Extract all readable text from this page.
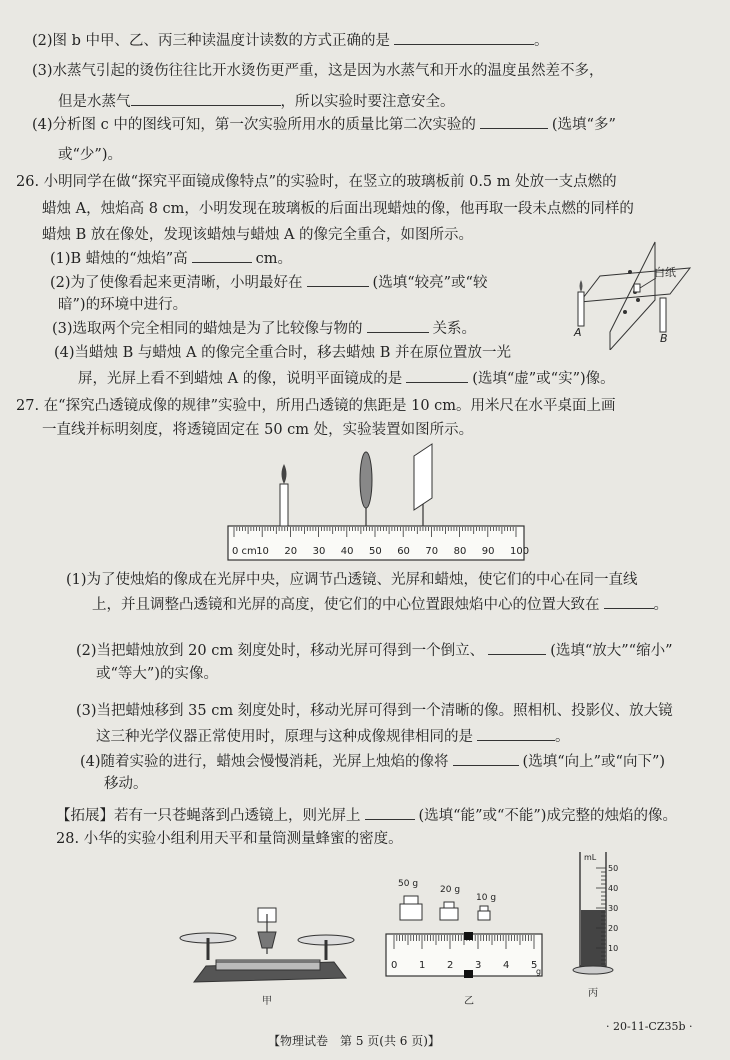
(2)图 b 中甲、乙、丙三种读温度计读数的方式正确的是	。
(3)水蒸气引起的烫伤往往比开水烫伤更严重，这是因为水蒸气和开水的温度虽然差不多，
但是水蒸气	，所以实验时要注意安全。
(4)分析图 c 中的图线可知，第一次实验所用水的质量比第二次实验的	(选填“多”
或“少”)。
26. 小明同学在做“探究平面镜成像特点”的实验时，在竖立的玻璃板前 0.5 m 处放一支点燃的
蜡烛 A，烛焰高 8 cm，小明发现在玻璃板的后面出现蜡烛的像，他再取一段未点燃的同样的
蜡烛 B 放在像处，发现该蜡烛与蜡烛 A 的像完全重合，如图所示。
(1)B 蜡烛的“烛焰”高	cm。
(2)为了使像看起来更清晰，小明最好在	(选填“较亮”或“较
暗”)的环境中进行。
(3)选取两个完全相同的蜡烛是为了比较像与物的	关系。
(4)当蜡烛 B 与蜡烛 A 的像完全重合时，移去蜡烛 B 并在原位置放一光
屏，光屏上看不到蜡烛 A 的像，说明平面镜成的是	(选填“虚”或“实”)像。
白纸
A	B
27. 在“探究凸透镜成像的规律”实验中，所用凸透镜的焦距是 10 cm。用米尺在水平桌面上画
一直线并标明刻度，将透镜固定在 50 cm 处，实验装置如图所示。
0 cm 10 20 30 40 50 60 70 80 90 100
(1)为了使烛焰的像成在光屏中央，应调节凸透镜、光屏和蜡烛，使它们的中心在同一直线
上，并且调整凸透镜和光屏的高度，使它们的中心位置跟烛焰中心的位置大致在	。
(2)当把蜡烛放到 20 cm 刻度处时，移动光屏可得到一个倒立、	(选填“放大”“缩小”
或“等大”)的实像。
(3)当把蜡烛移到 35 cm 刻度处时，移动光屏可得到一个清晰的像。照相机、投影仪、放大镜
这三种光学仪器正常使用时，原理与这种成像规律相同的是	。
(4)随着实验的进行，蜡烛会慢慢消耗，光屏上烛焰的像将	(选填“向上”或“向下”)
移动。
【拓展】若有一只苍蝇落到凸透镜上，则光屏上	(选填“能”或“不能”)成完整的烛焰的像。
28. 小华的实验小组利用天平和量筒测量蜂蜜的密度。
甲
50 g
20 g
10 g
0 1 2 3 4 5
g
乙
50
40
30
20
10
mL
丙
【物理试卷　第 5 页(共 6 页)】
· 20-11-CZ35b ·
